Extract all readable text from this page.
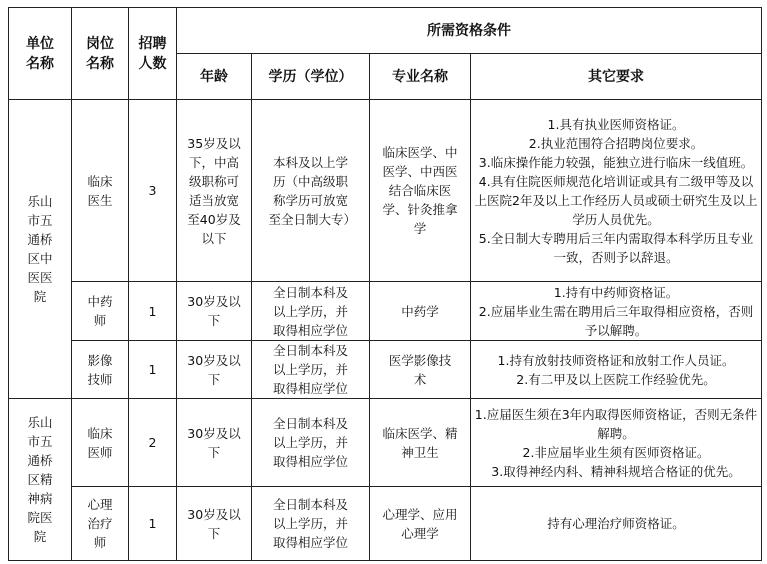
单位名称	岗位名称	招聘人数	所需资格条件			
			年龄	学历（学位）	专业名称	其它要求

乐山市五通桥区中医医院	临床医生	3	35岁及以下，中高级职称可适当放宽至40岁及以下	本科及以上学历（中高级职称学历可放宽至全日制大专）	临床医学、中医学、中西医结合临床医学、针灸推拿学	1.具有执业医师资格证。
2.执业范围符合招聘岗位要求。
3.临床操作能力较强，能独立进行临床一线值班。
4.具有住院医师规范化培训证或具有二级甲等及以上医院2年及以上工作经历人员或硕士研究生及以上学历人员优先。
5.全日制大专聘用后三年内需取得本科学历且专业一致，否则予以辞退。

	中药师	1	30岁及以下	全日制本科及以上学历，并取得相应学位	中药学	1.持有中药师资格证。
2.应届毕业生需在聘用后三年取得相应资格，否则予以解聘。

	影像技师	1	30岁及以下	全日制本科及以上学历，并取得相应学位	医学影像技术	1.持有放射技师资格证和放射工作人员证。
2.有二甲及以上医院工作经验优先。

乐山市五通桥区精神病院医院	临床医师	2	30岁及以下	全日制本科及以上学历，并取得相应学位	临床医学、精神卫生	1.应届医生须在3年内取得医师资格证，否则无条件解聘。
2.非应届毕业生须有医师资格证。
3.取得神经内科、精神科规培合格证的优先。

	心理治疗师	1	30岁及以下	全日制本科及以上学历，并取得相应学位	心理学、应用心理学	持有心理治疗师资格证。
